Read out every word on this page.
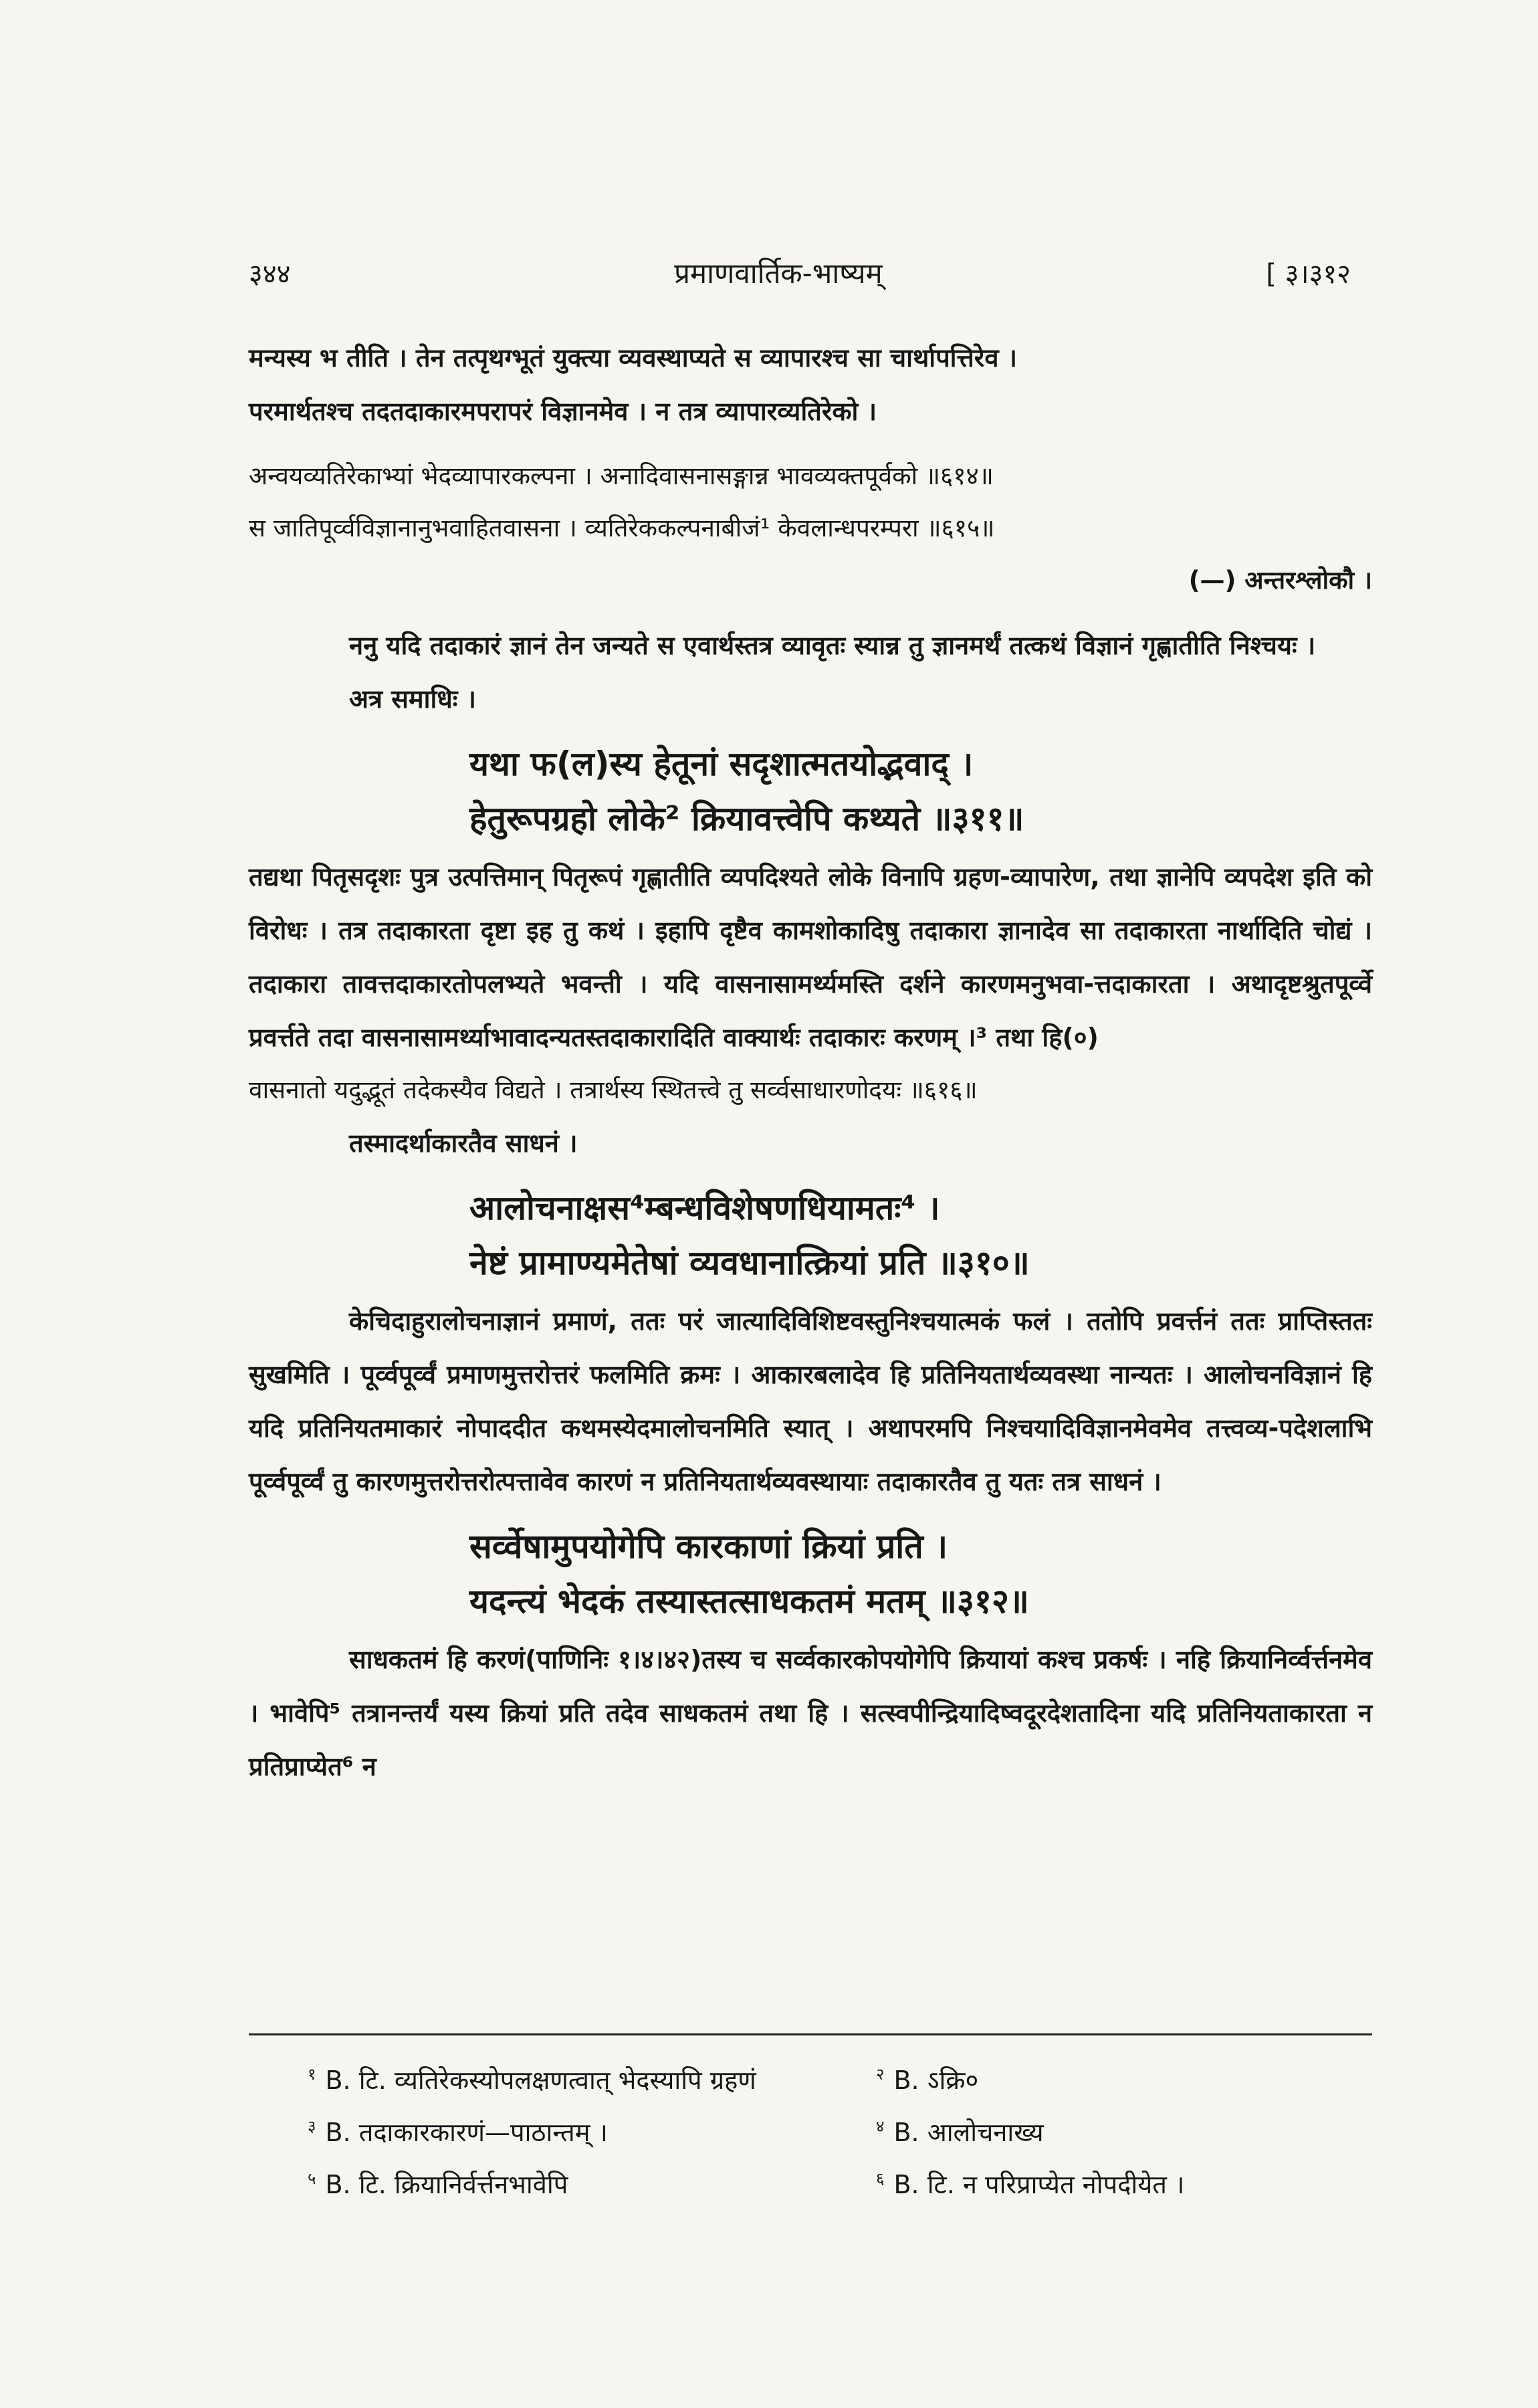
३४४	प्रमाणवार्तिक-भाष्यम्	[ ३।३१२

मन्यस्य भ तीति । तेन तत्पृथग्भूतं युक्त्या व्यवस्थाप्यते स व्यापारश्च सा चार्थापत्तिरेव ।

परमार्थतश्च तदतदाकारमपरापरं विज्ञानमेव । न तत्र व्यापारव्यतिरेको ।

अन्वयव्यतिरेकाभ्यां भेदव्यापारकल्पना । अनादिवासनासङ्गान्न भावव्यक्तपूर्वको ॥६१४॥

स जातिपूर्व्वविज्ञानानुभवाहितवासना । व्यतिरेककल्पनाबीजं¹ केवलान्धपरम्परा ॥६१५॥

(—) अन्तरश्लोकौ ।

ननु यदि तदाकारं ज्ञानं तेन जन्यते स एवार्थस्तत्र व्यावृतः स्यान्न तु ज्ञानमर्थं तत्कथं विज्ञानं गृह्णातीति निश्चयः ।

अत्र समाधिः ।

यथा फ(ल)स्य हेतूनां सदृशात्मतयोद्भवाद् ।

हेतुरूपग्रहो लोके² क्रियावत्त्वेपि कथ्यते ॥३११॥

तद्यथा पितृसदृशः पुत्र उत्पत्तिमान् पितृरूपं गृह्णातीति व्यपदिश्यते लोके विनापि ग्रहण-व्यापारेण, तथा ज्ञानेपि व्यपदेश इति को विरोधः । तत्र तदाकारता दृष्टा इह तु कथं । इहापि दृष्टैव कामशोकादिषु तदाकारा ज्ञानादेव सा तदाकारता नार्थादिति चोद्यं । तदाकारा तावत्तदाकारतोपलभ्यते भवन्ती । यदि वासनासामर्थ्यमस्ति दर्शने कारणमनुभवा-त्तदाकारता । अथादृष्टश्रुतपूर्व्वे प्रवर्त्तते तदा वासनासामर्थ्याभावादन्यतस्तदाकारादिति वाक्यार्थः तदाकारः करणम् ।³ तथा हि(०)

वासनातो यदुद्भूतं तदेकस्यैव विद्यते । तत्रार्थस्य स्थितत्त्वे तु सर्व्वसाधारणोदयः ॥६१६॥

तस्मादर्थाकारतैव साधनं ।

आलोचनाक्षस⁴म्बन्धविशेषणधियामतः⁴ ।

नेष्टं प्रामाण्यमेतेषां व्यवधानात्क्रियां प्रति ॥३१०॥

केचिदाहुरालोचनाज्ञानं प्रमाणं, ततः परं जात्यादिविशिष्टवस्तुनिश्चयात्मकं फलं । ततोपि प्रवर्त्तनं ततः प्राप्तिस्ततः सुखमिति । पूर्व्वपूर्व्वं प्रमाणमुत्तरोत्तरं फलमिति क्रमः । आकारबलादेव हि प्रतिनियतार्थव्यवस्था नान्यतः । आलोचनविज्ञानं हि यदि प्रतिनियतमाकारं नोपाददीत कथमस्येदमालोचनमिति स्यात् । अथापरमपि निश्चयादिविज्ञानमेवमेव तत्त्वव्य-पदेशलाभि पूर्व्वपूर्व्वं तु कारणमुत्तरोत्तरोत्पत्तावेव कारणं न प्रतिनियतार्थव्यवस्थायाः तदाकारतैव तु यतः तत्र साधनं ।

सर्व्वेषामुपयोगेपि कारकाणां क्रियां प्रति ।

यदन्त्यं भेदकं तस्यास्तत्साधकतमं मतम् ॥३१२॥

साधकतमं हि करणं(पाणिनिः १।४।४२)तस्य च सर्व्वकारकोपयोगेपि क्रियायां कश्च प्रकर्षः । नहि क्रियानिर्व्वर्त्तनमेव । भावेपि⁵ तत्रानन्तर्यं यस्य क्रियां प्रति तदेव साधकतमं तथा हि । सत्स्वपीन्द्रियादिष्वदूरदेशतादिना यदि प्रतिनियताकारता न प्रतिप्राप्येत⁶ न

$^१$ B. टि. व्यतिरेकस्योपलक्षणत्वात् भेदस्यापि ग्रहणं	$^२$ B. ऽक्रि०
$^३$ B. तदाकारकारणं—पाठान्तम् ।	$^४$ B. आलोचनाख्य
$^५$ B. टि. क्रियानिर्वर्त्तनभावेपि	$^६$ B. टि. न परिप्राप्येत नोपदीयेत ।
